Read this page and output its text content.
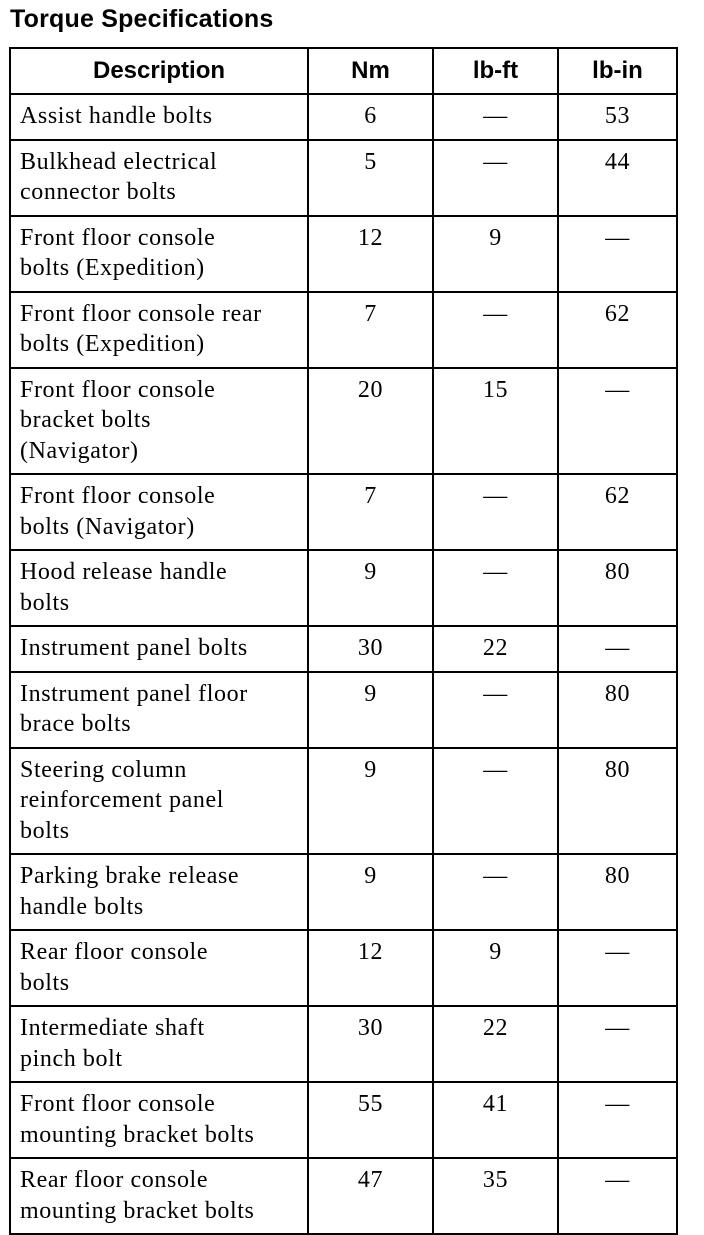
Torque Specifications
Description	Nm	lb-ft	lb-in
Assist handle bolts	6	—	53
Bulkhead electrical
connector bolts	5	—	44
Front floor console
bolts (Expedition)	12	9	—
Front floor console rear
bolts (Expedition)	7	—	62
Front floor console
bracket bolts
(Navigator)	20	15	—
Front floor console
bolts (Navigator)	7	—	62
Hood release handle
bolts	9	—	80
Instrument panel bolts	30	22	—
Instrument panel floor
brace bolts	9	—	80
Steering column
reinforcement panel
bolts	9	—	80
Parking brake release
handle bolts	9	—	80
Rear floor console
bolts	12	9	—
Intermediate shaft
pinch bolt	30	22	—
Front floor console
mounting bracket bolts	55	41	—
Rear floor console
mounting bracket bolts	47	35	—
